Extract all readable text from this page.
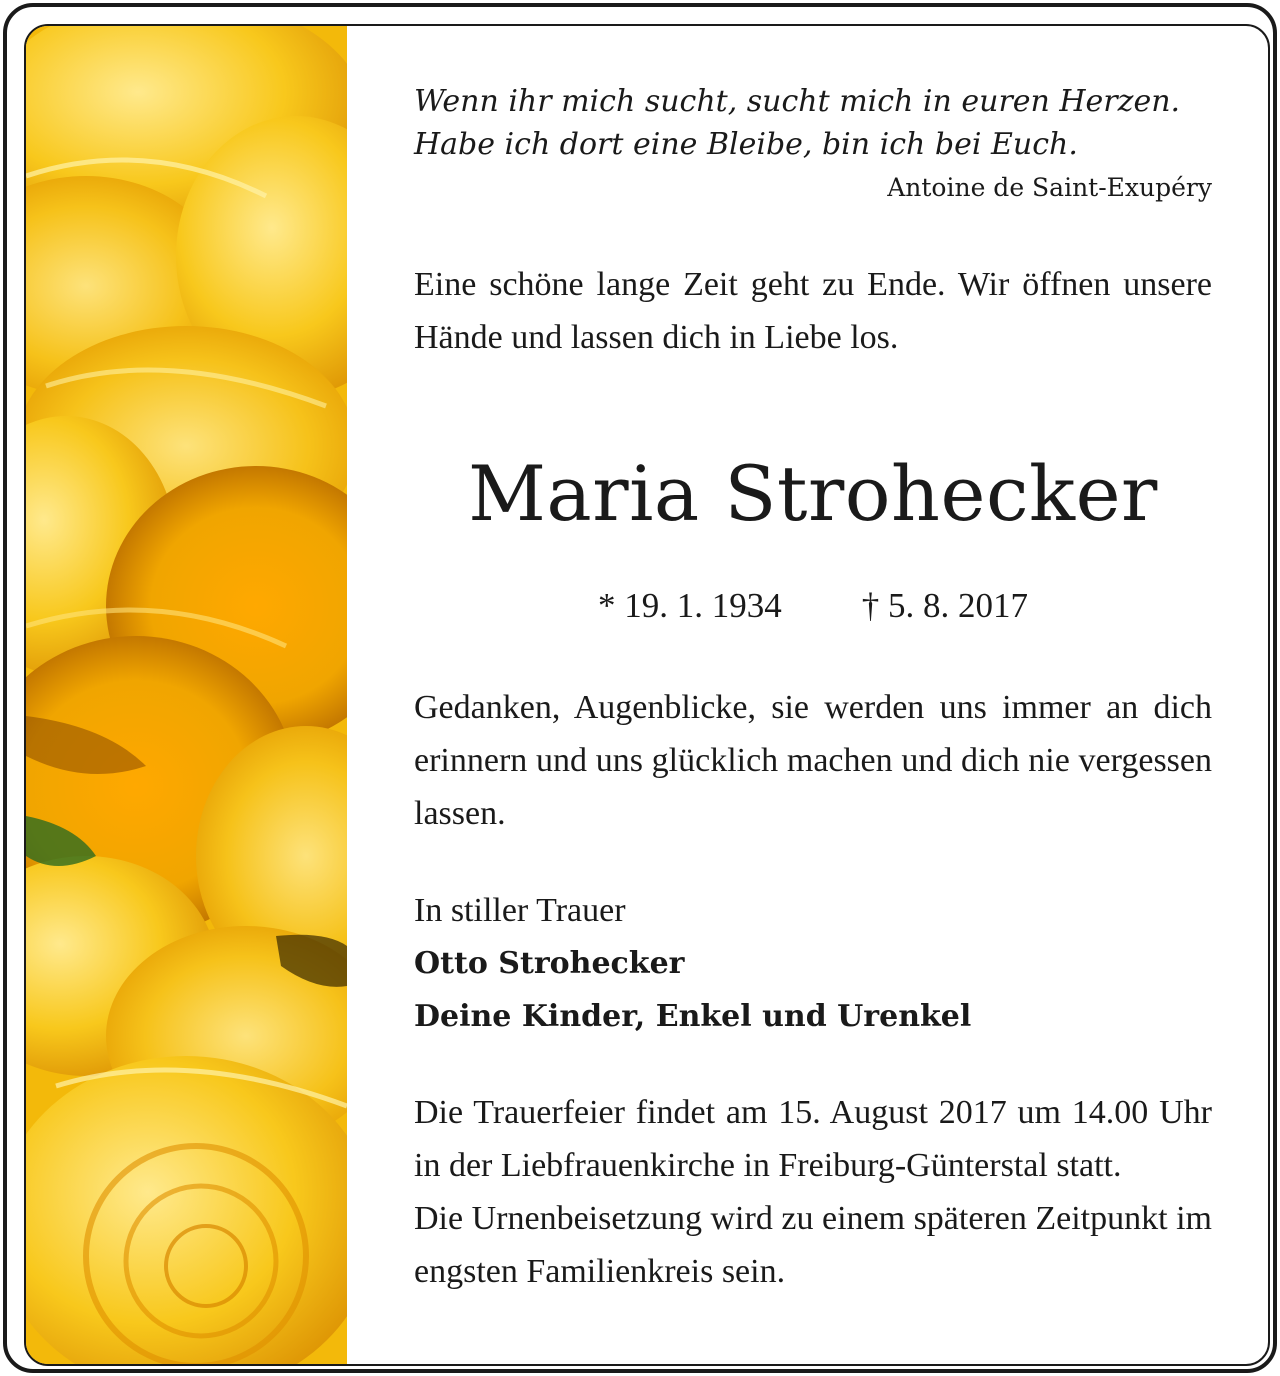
Wenn ihr mich sucht, sucht mich in euren Herzen.
Habe ich dort eine Bleibe, bin ich bei Euch.
Antoine de Saint-Exupéry
Eine schöne lange Zeit geht zu Ende. Wir öffnen unsere Hände und lassen dich in Liebe los.
Maria Strohecker
* 19. 1. 1934 † 5. 8. 2017
Gedanken, Augenblicke, sie werden uns immer an dich erinnern und uns glücklich machen und dich nie vergessen lassen.
In stiller Trauer
Otto Strohecker
Deine Kinder, Enkel und Urenkel
Die Trauerfeier findet am 15. August 2017 um 14.00 Uhr in der Liebfrauenkirche in Freiburg-Günterstal statt.
Die Urnenbeisetzung wird zu einem späteren Zeitpunkt im engsten Familienkreis sein.
